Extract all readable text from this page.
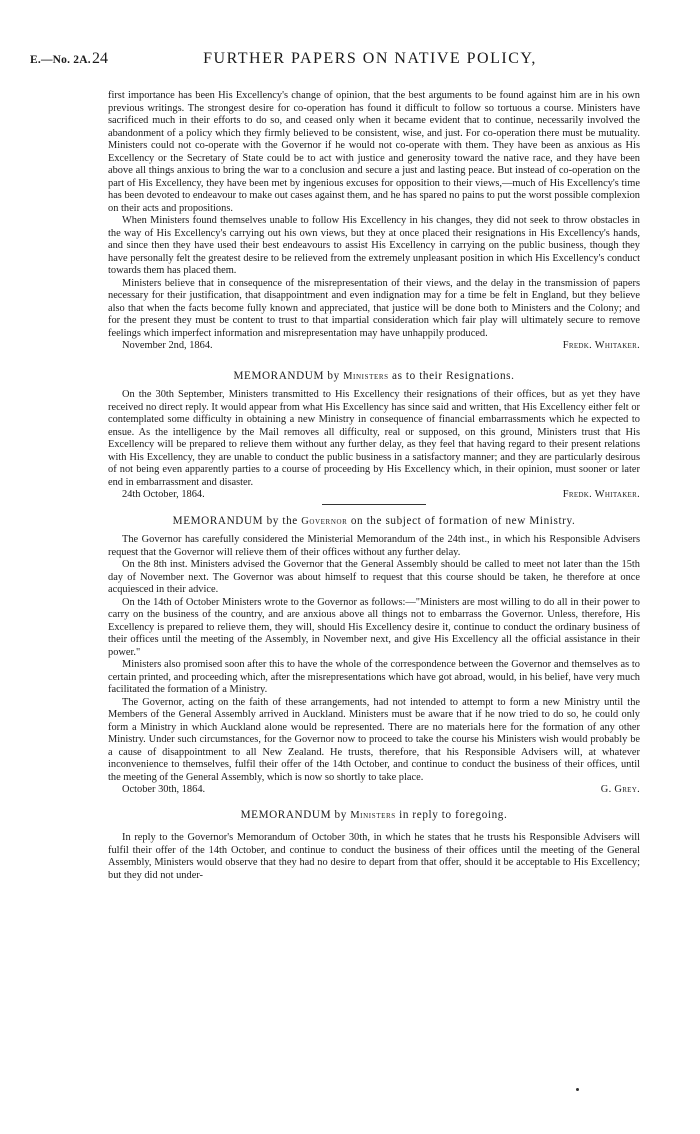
E.—No. 2A. 24	FURTHER PAPERS ON NATIVE POLICY,

first importance has been His Excellency's change of opinion, that the best arguments to be found against him are in his own previous writings. The strongest desire for co-operation has found it difficult to follow so tortuous a course. Ministers have sacrificed much in their efforts to do so, and ceased only when it became evident that to continue, necessarily involved the abandonment of a policy which they firmly believed to be consistent, wise, and just. For co-operation there must be mutuality. Ministers could not co-operate with the Governor if he would not co-operate with them. They have been as anxious as His Excellency or the Secretary of State could be to act with justice and generosity toward the native race, and they have been above all things anxious to bring the war to a conclusion and secure a just and lasting peace. But instead of co-operation on the part of His Excellency, they have been met by ingenious excuses for opposition to their views,—much of His Excellency's time has been devoted to endeavour to make out cases against them, and he has spared no pains to put the worst possible complexion on their acts and propositions.

When Ministers found themselves unable to follow His Excellency in his changes, they did not seek to throw obstacles in the way of His Excellency's carrying out his own views, but they at once placed their resignations in His Excellency's hands, and since then they have used their best endeavours to assist His Excellency in carrying on the public business, though they have personally felt the greatest desire to be relieved from the extremely unpleasant position in which His Excellency's conduct towards them has placed them.

Ministers believe that in consequence of the misrepresentation of their views, and the delay in the transmission of papers necessary for their justification, that disappointment and even indignation may for a time be felt in England, but they believe also that when the facts become fully known and appreciated, that justice will be done both to Ministers and the Colony; and for the present they must be content to trust to that impartial consideration which fair play will ultimately secure to remove feelings which imperfect information and misrepresentation may have unhappily produced.

November 2nd, 1864.	Fredk. Whitaker.

MEMORANDUM by Ministers as to their Resignations.

On the 30th September, Ministers transmitted to His Excellency their resignations of their offices, but as yet they have received no direct reply. It would appear from what His Excellency has since said and written, that His Excellency either felt or contemplated some difficulty in obtaining a new Ministry in consequence of financial embarrassments which he expected to ensue. As the intelligence by the Mail removes all difficulty, real or supposed, on this ground, Ministers trust that His Excellency will be prepared to relieve them without any further delay, as they feel that having regard to their present relations with His Excellency, they are unable to conduct the public business in a satisfactory manner; and they are particularly desirous of not being even apparently parties to a course of proceeding by His Excellency which, in their opinion, must sooner or later end in embarrassment and disaster.

24th October, 1864.	Fredk. Whitaker.

MEMORANDUM by the Governor on the subject of formation of new Ministry.

The Governor has carefully considered the Ministerial Memorandum of the 24th inst., in which his Responsible Advisers request that the Governor will relieve them of their offices without any further delay.

On the 8th inst. Ministers advised the Governor that the General Assembly should be called to meet not later than the 15th day of November next. The Governor was about himself to request that this course should be taken, he therefore at once acquiesced in their advice.

On the 14th of October Ministers wrote to the Governor as follows:—"Ministers are most willing to do all in their power to carry on the business of the country, and are anxious above all things not to embarrass the Governor. Unless, therefore, His Excellency is prepared to relieve them, they will, should His Excellency desire it, continue to conduct the ordinary business of their offices until the meeting of the Assembly, in November next, and give His Excellency all the official assistance in their power."

Ministers also promised soon after this to have the whole of the correspondence between the Governor and themselves as to certain printed, and proceeding which, after the misrepresentations which have got abroad, would, in his belief, have very much facilitated the formation of a Ministry.

The Governor, acting on the faith of these arrangements, had not intended to attempt to form a new Ministry until the Members of the General Assembly arrived in Auckland. Ministers must be aware that if he now tried to do so, he could only form a Ministry in which Auckland alone would be represented. There are no materials here for the formation of any other Ministry. Under such circumstances, for the Governor now to proceed to take the course his Ministers wish would probably be a cause of disappointment to all New Zealand. He trusts, therefore, that his Responsible Advisers will, at whatever inconvenience to themselves, fulfil their offer of the 14th October, and continue to conduct the business of their offices, until the meeting of the General Assembly, which is now so shortly to take place.

October 30th, 1864.	G. Grey.

MEMORANDUM by Ministers in reply to foregoing.

In reply to the Governor's Memorandum of October 30th, in which he states that he trusts his Responsible Advisers will fulfil their offer of the 14th October, and continue to conduct the business of their offices until the meeting of the General Assembly, Ministers would observe that they had no desire to depart from that offer, should it be acceptable to His Excellency; but they did not under-
